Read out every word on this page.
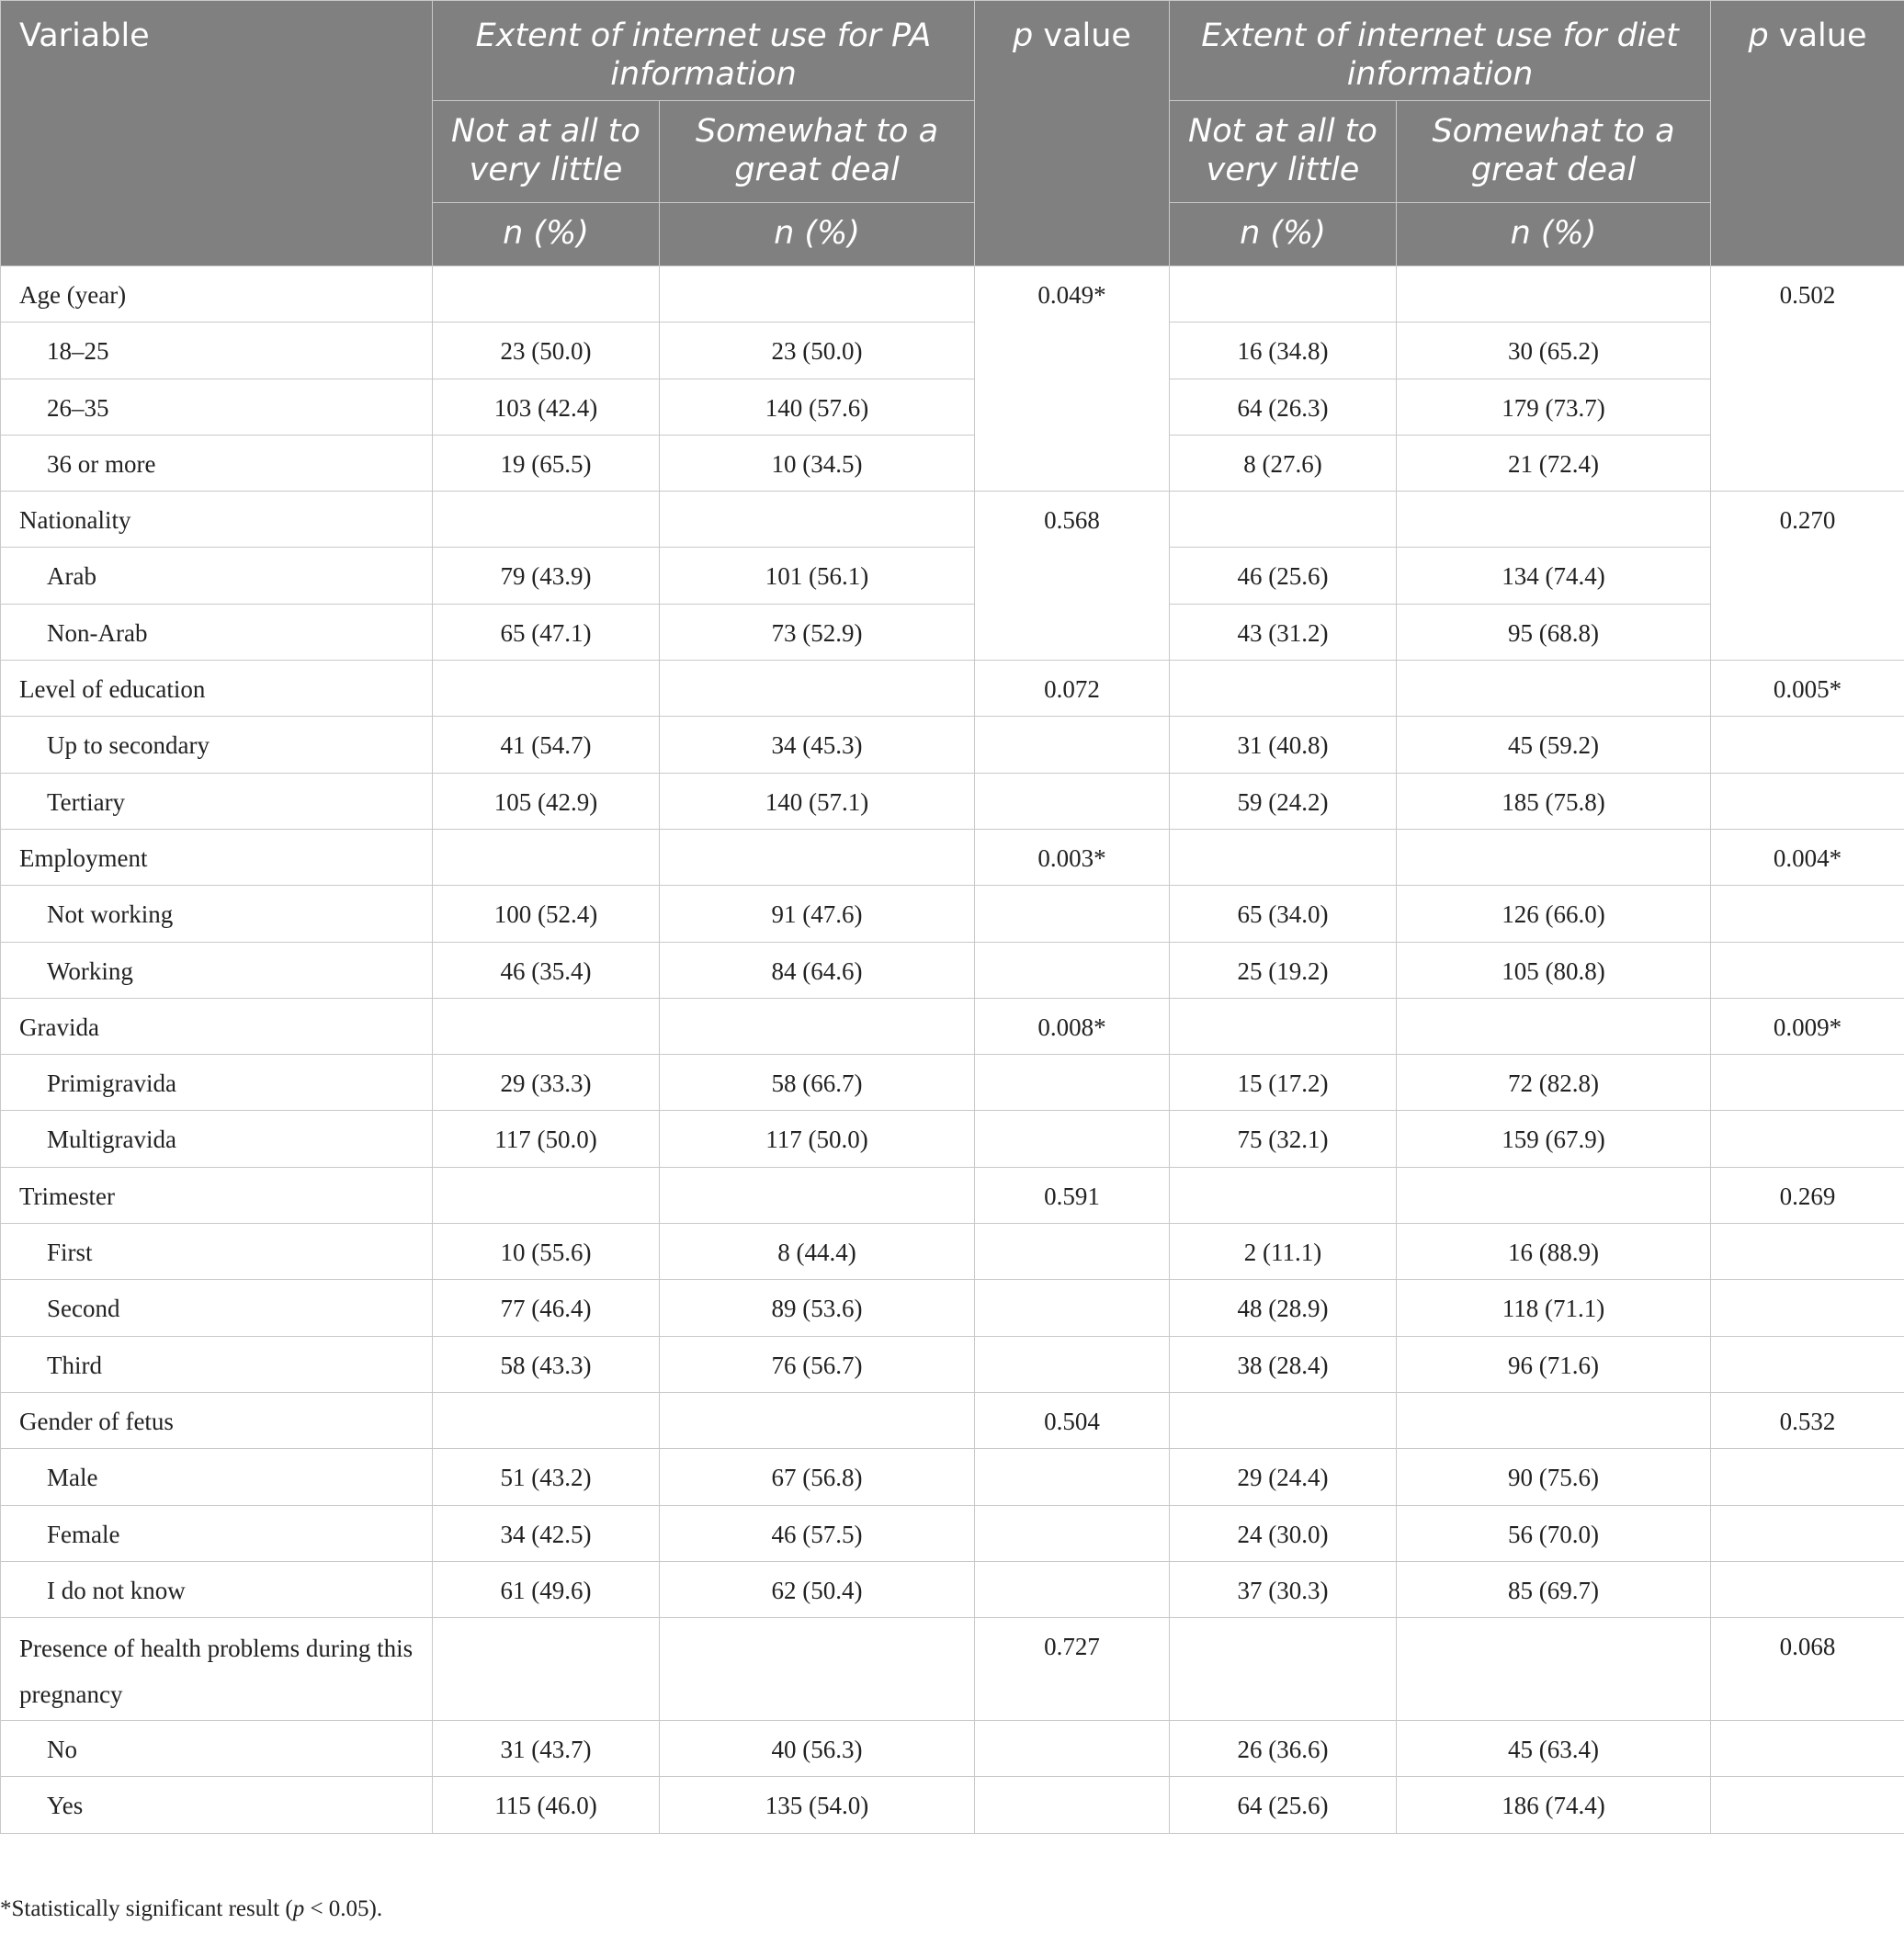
Variable	Extent of internet use for PA information		p value	Extent of internet use for diet information		p value
	Not at all to very little	Somewhat to a great deal		Not at all to very little	Somewhat to a great deal	
	n (%)	n (%)		n (%)	n (%)	
Age (year)			0.049*			0.502
18–25	23 (50.0)	23 (50.0)		16 (34.8)	30 (65.2)	
26–35	103 (42.4)	140 (57.6)		64 (26.3)	179 (73.7)	
36 or more	19 (65.5)	10 (34.5)		8 (27.6)	21 (72.4)	
Nationality			0.568			0.270
Arab	79 (43.9)	101 (56.1)		46 (25.6)	134 (74.4)	
Non-Arab	65 (47.1)	73 (52.9)		43 (31.2)	95 (68.8)	
Level of education			0.072			0.005*
Up to secondary	41 (54.7)	34 (45.3)		31 (40.8)	45 (59.2)	
Tertiary	105 (42.9)	140 (57.1)		59 (24.2)	185 (75.8)	
Employment			0.003*			0.004*
Not working	100 (52.4)	91 (47.6)		65 (34.0)	126 (66.0)	
Working	46 (35.4)	84 (64.6)		25 (19.2)	105 (80.8)	
Gravida			0.008*			0.009*
Primigravida	29 (33.3)	58 (66.7)		15 (17.2)	72 (82.8)	
Multigravida	117 (50.0)	117 (50.0)		75 (32.1)	159 (67.9)	
Trimester			0.591			0.269
First	10 (55.6)	8 (44.4)		2 (11.1)	16 (88.9)	
Second	77 (46.4)	89 (53.6)		48 (28.9)	118 (71.1)	
Third	58 (43.3)	76 (56.7)		38 (28.4)	96 (71.6)	
Gender of fetus			0.504			0.532
Male	51 (43.2)	67 (56.8)		29 (24.4)	90 (75.6)	
Female	34 (42.5)	46 (57.5)		24 (30.0)	56 (70.0)	
I do not know	61 (49.6)	62 (50.4)		37 (30.3)	85 (69.7)	
Presence of health problems during this pregnancy			0.727			0.068
No	31 (43.7)	40 (56.3)		26 (36.6)	45 (63.4)	
Yes	115 (46.0)	135 (54.0)		64 (25.6)	186 (74.4)	
*Statistically significant result (p < 0.05).
